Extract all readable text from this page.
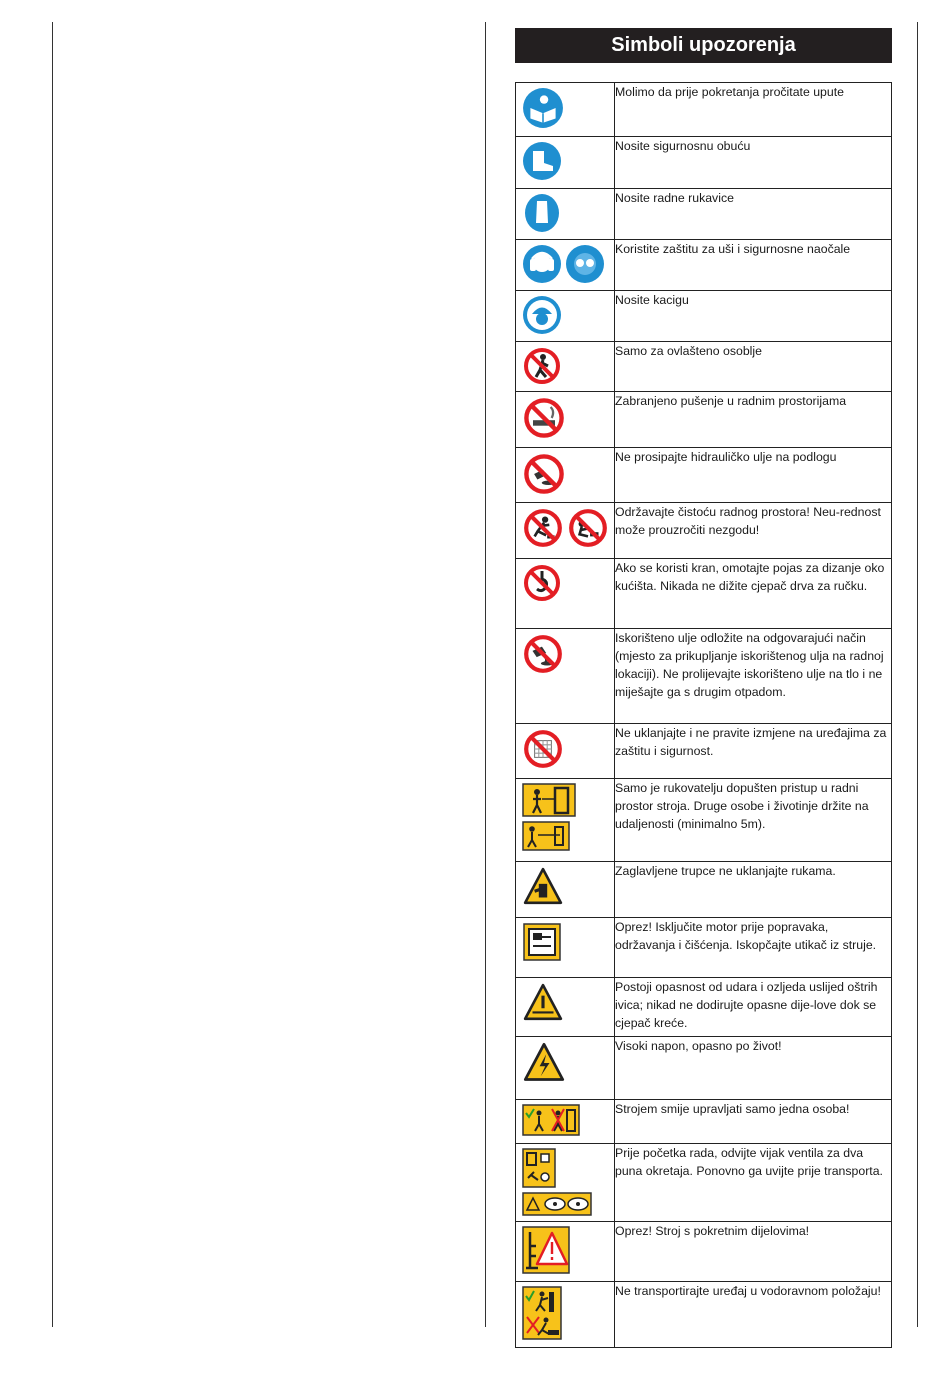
Simboli upozorenja
	Molimo da prije pokretanja pročitate upute

	Nosite sigurnosnu obuću

	Nosite radne rukavice

	Koristite zaštitu za uši i sigurnosne naočale

	Nosite kacigu

	Samo za ovlašteno osoblje

	Zabranjeno pušenje u radnim prostorijama

	Ne prosipajte hidrauličko ulje na podlogu

	Održavajte čistoću radnog prostora! Neu-rednost može prouzročiti nezgodu!

	Ako se koristi kran, omotajte pojas za dizanje oko kućišta. Nikada ne dižite cjepač drva za ručku.

	Iskorišteno ulje odložite na odgovarajući način (mjesto za prikupljanje iskorištenog ulja na radnoj lokaciji). Ne prolijevajte iskorišteno ulje na tlo i ne miješajte ga s drugim otpadom.

	Ne uklanjajte i ne pravite izmjene na uređajima za zaštitu i sigurnost.

	Samo je rukovatelju dopušten pristup u radni prostor stroja. Druge osobe i životinje držite na udaljenosti (minimalno 5m).

	Zaglavljene trupce ne uklanjajte rukama.

	Oprez! Isključite motor prije popravaka, održavanja i čišćenja. Iskopčajte utikač iz struje.

	Postoji opasnost od udara i ozljeda uslijed oštrih ivica; nikad ne dodirujte opasne dije-love dok se cjepač kreće.

	Visoki napon, opasno po život!

	Strojem smije upravljati samo jedna osoba!

	Prije početka rada, odvijte vijak ventila za dva puna okretaja. Ponovno ga uvijte prije transporta.

	Oprez! Stroj s pokretnim dijelovima!

	Ne transportirajte uređaj u vodoravnom položaju!
